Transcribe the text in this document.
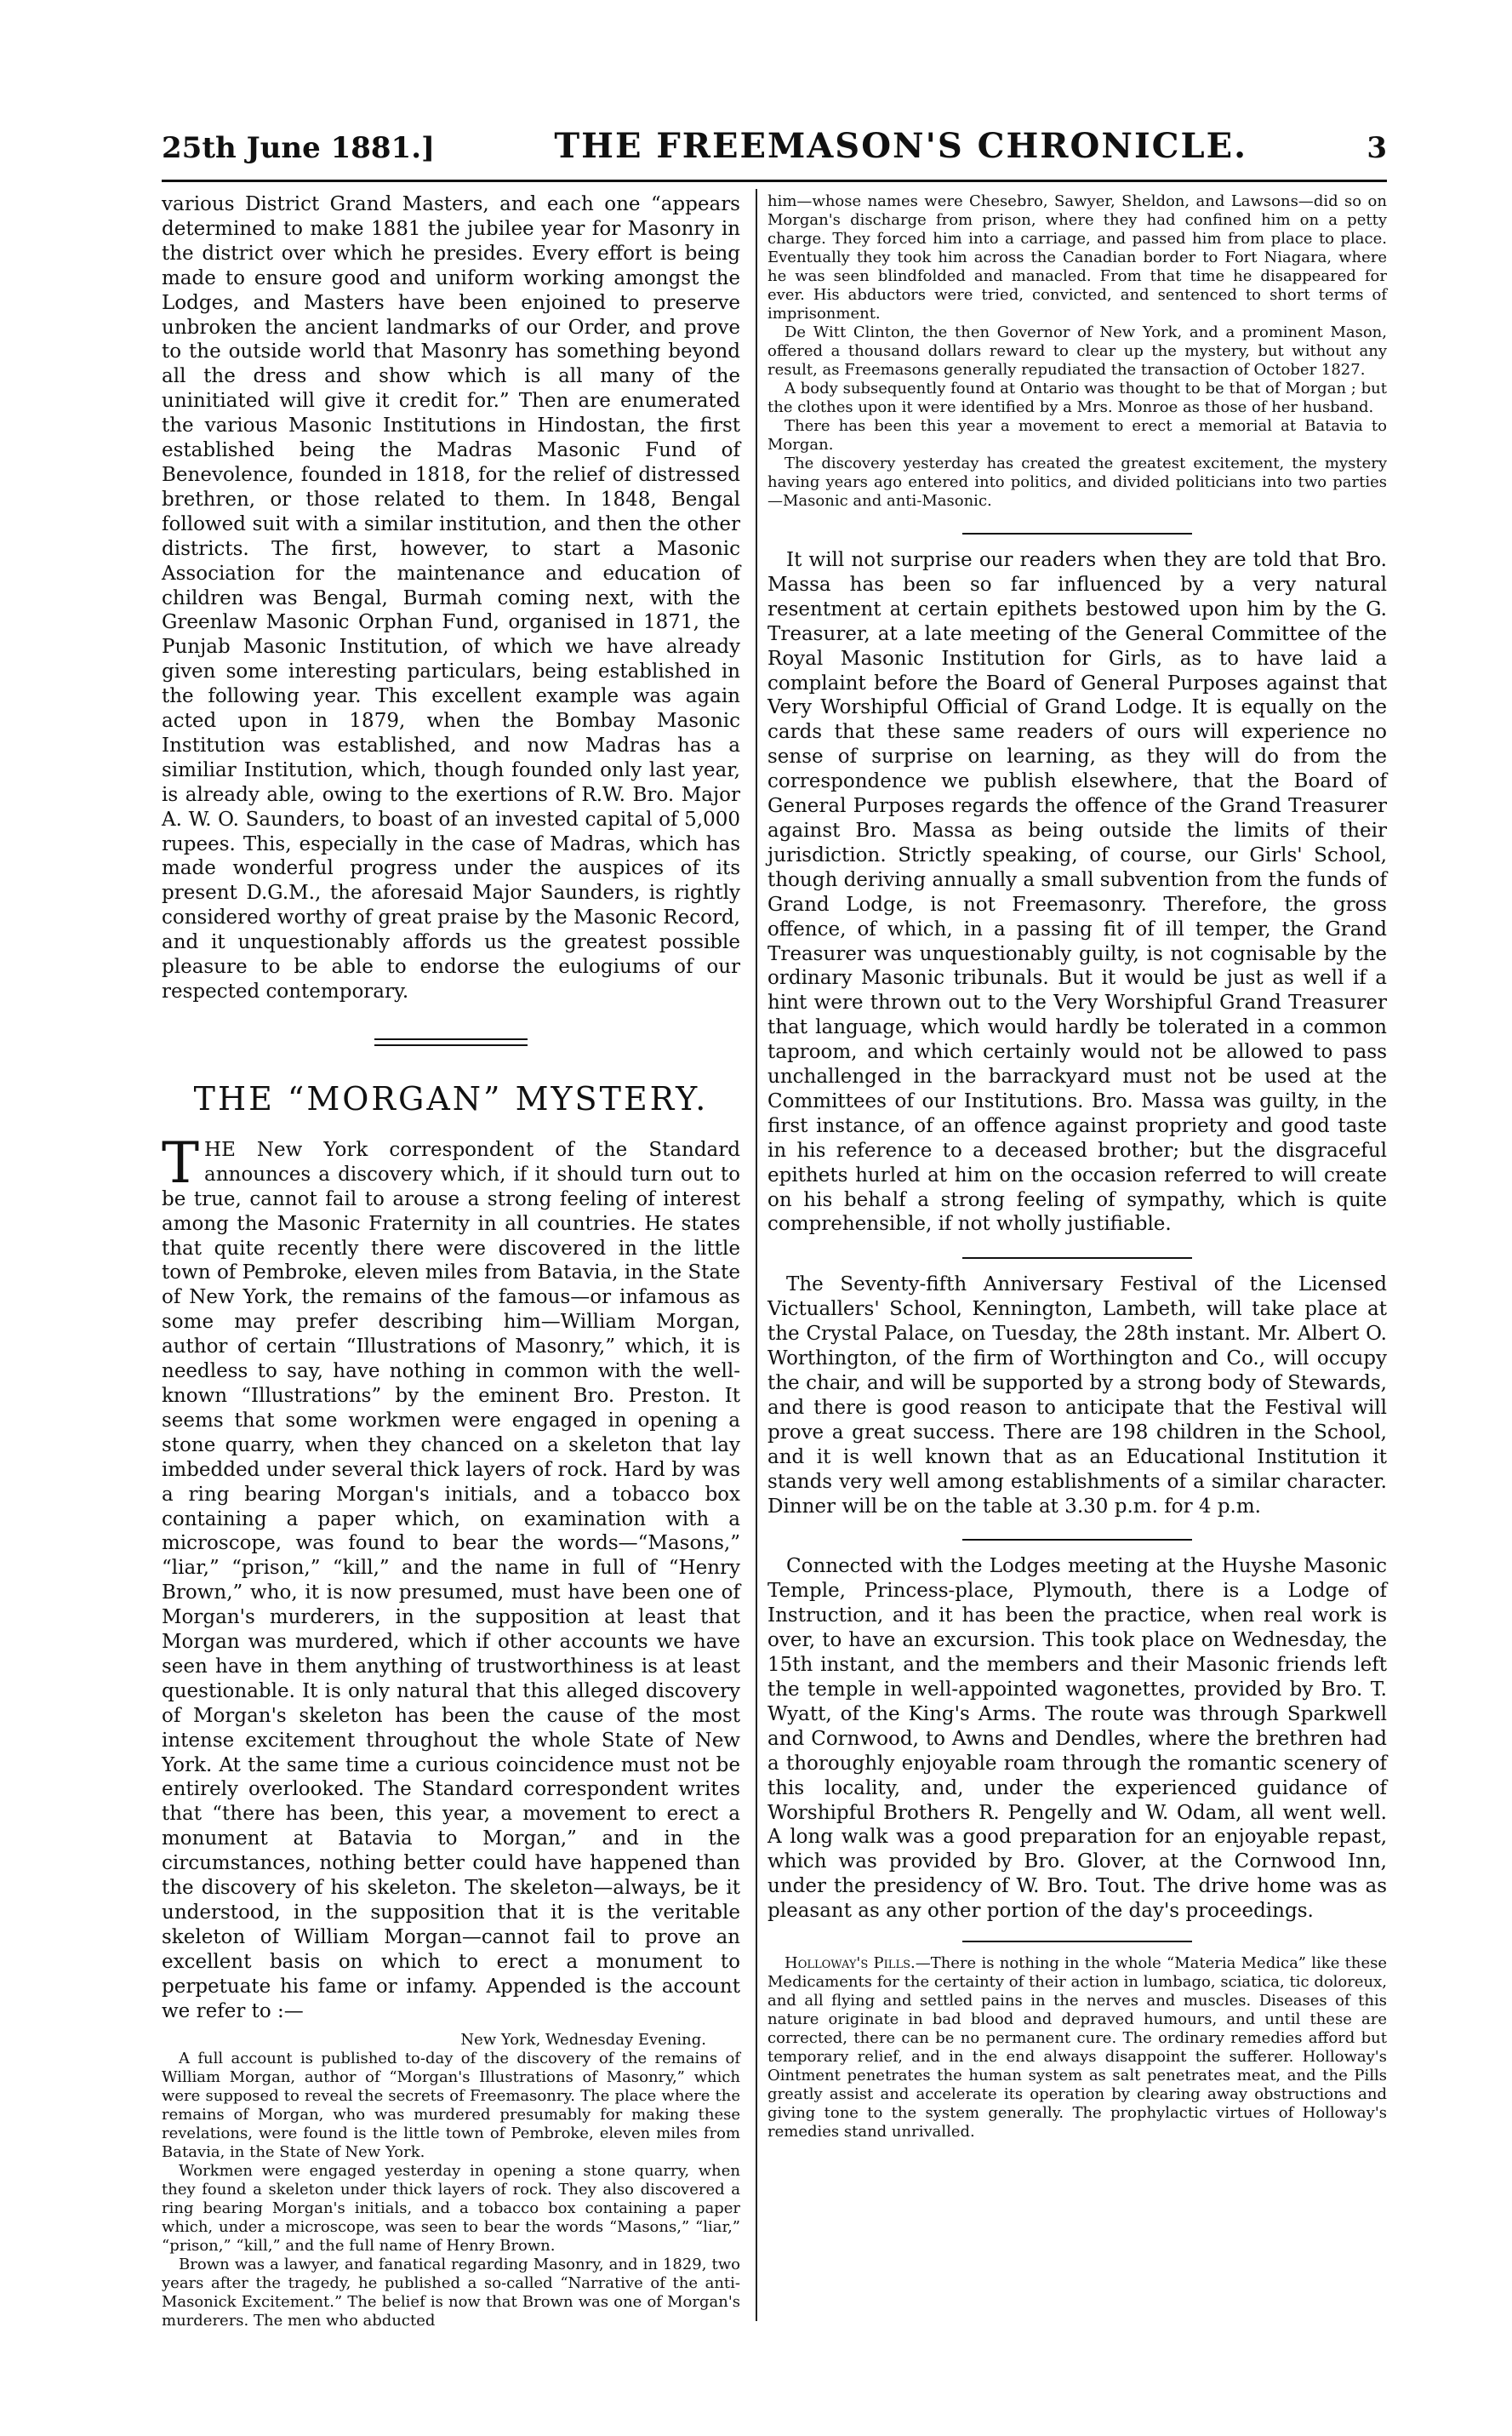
25th June 1881.]	THE FREEMASON'S CHRONICLE.	3

various District Grand Masters, and each one “appears determined to make 1881 the jubilee year for Masonry in the district over which he presides. Every effort is being made to ensure good and uniform working amongst the Lodges, and Masters have been enjoined to preserve unbroken the ancient landmarks of our Order, and prove to the outside world that Masonry has something beyond all the dress and show which is all many of the uninitiated will give it credit for.” Then are enumerated the various Masonic Institutions in Hindostan, the first established being the Madras Masonic Fund of Benevolence, founded in 1818, for the relief of distressed brethren, or those related to them. In 1848, Bengal followed suit with a similar institution, and then the other districts. The first, however, to start a Masonic Association for the maintenance and education of children was Bengal, Burmah coming next, with the Greenlaw Masonic Orphan Fund, organised in 1871, the Punjab Masonic Institution, of which we have already given some interesting particulars, being established in the following year. This excellent example was again acted upon in 1879, when the Bombay Masonic Institution was established, and now Madras has a similiar Institution, which, though founded only last year, is already able, owing to the exertions of R.W. Bro. Major A. W. O. Saunders, to boast of an invested capital of 5,000 rupees. This, especially in the case of Madras, which has made wonderful progress under the auspices of its present D.G.M., the aforesaid Major Saunders, is rightly considered worthy of great praise by the Masonic Record, and it unquestionably affords us the greatest possible pleasure to be able to endorse the eulogiums of our respected contemporary.

THE “MORGAN” MYSTERY.

THE New York correspondent of the Standard announces a discovery which, if it should turn out to be true, cannot fail to arouse a strong feeling of interest among the Masonic Fraternity in all countries. He states that quite recently there were discovered in the little town of Pembroke, eleven miles from Batavia, in the State of New York, the remains of the famous—or infamous as some may prefer describing him—William Morgan, author of certain “Illustrations of Masonry,” which, it is needless to say, have nothing in common with the well-known “Illustrations” by the eminent Bro. Preston. It seems that some workmen were engaged in opening a stone quarry, when they chanced on a skeleton that lay imbedded under several thick layers of rock. Hard by was a ring bearing Morgan's initials, and a tobacco box containing a paper which, on examination with a microscope, was found to bear the words—“Masons,” “liar,” “prison,” “kill,” and the name in full of “Henry Brown,” who, it is now presumed, must have been one of Morgan's murderers, in the supposition at least that Morgan was murdered, which if other accounts we have seen have in them anything of trustworthiness is at least questionable. It is only natural that this alleged discovery of Morgan's skeleton has been the cause of the most intense excitement throughout the whole State of New York. At the same time a curious coincidence must not be entirely overlooked. The Standard correspondent writes that “there has been, this year, a movement to erect a monument at Batavia to Morgan,” and in the circumstances, nothing better could have happened than the discovery of his skeleton. The skeleton—always, be it understood, in the supposition that it is the veritable skeleton of William Morgan—cannot fail to prove an excellent basis on which to erect a monument to perpetuate his fame or infamy. Appended is the account we refer to :—

New York, Wednesday Evening.

A full account is published to-day of the discovery of the remains of William Morgan, author of “Morgan's Illustrations of Masonry,” which were supposed to reveal the secrets of Freemasonry. The place where the remains of Morgan, who was murdered presumably for making these revelations, were found is the little town of Pembroke, eleven miles from Batavia, in the State of New York.

Workmen were engaged yesterday in opening a stone quarry, when they found a skeleton under thick layers of rock. They also discovered a ring bearing Morgan's initials, and a tobacco box containing a paper which, under a microscope, was seen to bear the words “Masons,” “liar,” “prison,” “kill,” and the full name of Henry Brown.

Brown was a lawyer, and fanatical regarding Masonry, and in 1829, two years after the tragedy, he published a so-called “Narrative of the anti-Masonick Excitement.” The belief is now that Brown was one of Morgan's murderers. The men who abducted

him—whose names were Chesebro, Sawyer, Sheldon, and Lawsons—did so on Morgan's discharge from prison, where they had confined him on a petty charge. They forced him into a carriage, and passed him from place to place. Eventually they took him across the Canadian border to Fort Niagara, where he was seen blindfolded and manacled. From that time he disappeared for ever. His abductors were tried, convicted, and sentenced to short terms of imprisonment.

De Witt Clinton, the then Governor of New York, and a prominent Mason, offered a thousand dollars reward to clear up the mystery, but without any result, as Freemasons generally repudiated the transaction of October 1827.

A body subsequently found at Ontario was thought to be that of Morgan ; but the clothes upon it were identified by a Mrs. Monroe as those of her husband.

There has been this year a movement to erect a memorial at Batavia to Morgan.

The discovery yesterday has created the greatest excitement, the mystery having years ago entered into politics, and divided politicians into two parties—Masonic and anti-Masonic.

It will not surprise our readers when they are told that Bro. Massa has been so far influenced by a very natural resentment at certain epithets bestowed upon him by the G. Treasurer, at a late meeting of the General Committee of the Royal Masonic Institution for Girls, as to have laid a complaint before the Board of General Purposes against that Very Worshipful Official of Grand Lodge. It is equally on the cards that these same readers of ours will experience no sense of surprise on learning, as they will do from the correspondence we publish elsewhere, that the Board of General Purposes regards the offence of the Grand Treasurer against Bro. Massa as being outside the limits of their jurisdiction. Strictly speaking, of course, our Girls' School, though deriving annually a small subvention from the funds of Grand Lodge, is not Freemasonry. Therefore, the gross offence, of which, in a passing fit of ill temper, the Grand Treasurer was unquestionably guilty, is not cognisable by the ordinary Masonic tribunals. But it would be just as well if a hint were thrown out to the Very Worshipful Grand Treasurer that language, which would hardly be tolerated in a common taproom, and which certainly would not be allowed to pass unchallenged in the barrackyard must not be used at the Committees of our Institutions. Bro. Massa was guilty, in the first instance, of an offence against propriety and good taste in his reference to a deceased brother; but the disgraceful epithets hurled at him on the occasion referred to will create on his behalf a strong feeling of sympathy, which is quite comprehensible, if not wholly justifiable.

The Seventy-fifth Anniversary Festival of the Licensed Victuallers' School, Kennington, Lambeth, will take place at the Crystal Palace, on Tuesday, the 28th instant. Mr. Albert O. Worthington, of the firm of Worthington and Co., will occupy the chair, and will be supported by a strong body of Stewards, and there is good reason to anticipate that the Festival will prove a great success. There are 198 children in the School, and it is well known that as an Educational Institution it stands very well among establishments of a similar character. Dinner will be on the table at 3.30 p.m. for 4 p.m.

Connected with the Lodges meeting at the Huyshe Masonic Temple, Princess-place, Plymouth, there is a Lodge of Instruction, and it has been the practice, when real work is over, to have an excursion. This took place on Wednesday, the 15th instant, and the members and their Masonic friends left the temple in well-appointed wagonettes, provided by Bro. T. Wyatt, of the King's Arms. The route was through Sparkwell and Cornwood, to Awns and Dendles, where the brethren had a thoroughly enjoyable roam through the romantic scenery of this locality, and, under the experienced guidance of Worshipful Brothers R. Pengelly and W. Odam, all went well. A long walk was a good preparation for an enjoyable repast, which was provided by Bro. Glover, at the Cornwood Inn, under the presidency of W. Bro. Tout. The drive home was as pleasant as any other portion of the day's proceedings.

Holloway's Pills.—There is nothing in the whole “Materia Medica” like these Medicaments for the certainty of their action in lumbago, sciatica, tic doloreux, and all flying and settled pains in the nerves and muscles. Diseases of this nature originate in bad blood and depraved humours, and until these are corrected, there can be no permanent cure. The ordinary remedies afford but temporary relief, and in the end always disappoint the sufferer. Holloway's Ointment penetrates the human system as salt penetrates meat, and the Pills greatly assist and accelerate its operation by clearing away obstructions and giving tone to the system generally. The prophylactic virtues of Holloway's remedies stand unrivalled.
